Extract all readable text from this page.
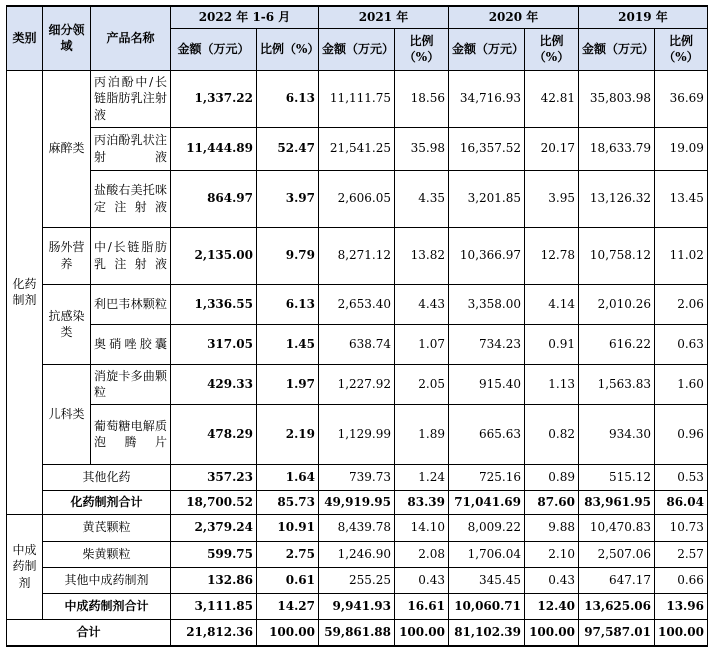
类别	细分领域	产品名称	2022 年 1-6 月		2021 年		2020 年		2019 年	
			金额（万元）	比例（%）	金额（万元）	比例（%）	金额（万元）	比例（%）	金额（万元）	比例（%）
化药制剂	麻醉类	丙泊酚中/长链脂肪乳注射液	1,337.22	6.13	11,111.75	18.56	34,716.93	42.81	35,803.98	36.69
		丙泊酚乳状注射液	11,444.89	52.47	21,541.25	35.98	16,357.52	20.17	18,633.79	19.09
		盐酸右美托咪定注射液	864.97	3.97	2,606.05	4.35	3,201.85	3.95	13,126.32	13.45
	肠外营养	中/长链脂肪乳注射液	2,135.00	9.79	8,271.12	13.82	10,366.97	12.78	10,758.12	11.02
	抗感染类	利巴韦林颗粒	1,336.55	6.13	2,653.40	4.43	3,358.00	4.14	2,010.26	2.06
		奥硝唑胶囊	317.05	1.45	638.74	1.07	734.23	0.91	616.22	0.63
	儿科类	消旋卡多曲颗粒	429.33	1.97	1,227.92	2.05	915.40	1.13	1,563.83	1.60
		葡萄糖电解质泡腾片	478.29	2.19	1,129.99	1.89	665.63	0.82	934.30	0.96
	其他化药		357.23	1.64	739.73	1.24	725.16	0.89	515.12	0.53
	化药制剂合计		18,700.52	85.73	49,919.95	83.39	71,041.69	87.60	83,961.95	86.04
中成药制剂	黄芪颗粒		2,379.24	10.91	8,439.78	14.10	8,009.22	9.88	10,470.83	10.73
	柴黄颗粒		599.75	2.75	1,246.90	2.08	1,706.04	2.10	2,507.06	2.57
	其他中成药制剂		132.86	0.61	255.25	0.43	345.45	0.43	647.17	0.66
	中成药制剂合计		3,111.85	14.27	9,941.93	16.61	10,060.71	12.40	13,625.06	13.96
合计			21,812.36	100.00	59,861.88	100.00	81,102.39	100.00	97,587.01	100.00
